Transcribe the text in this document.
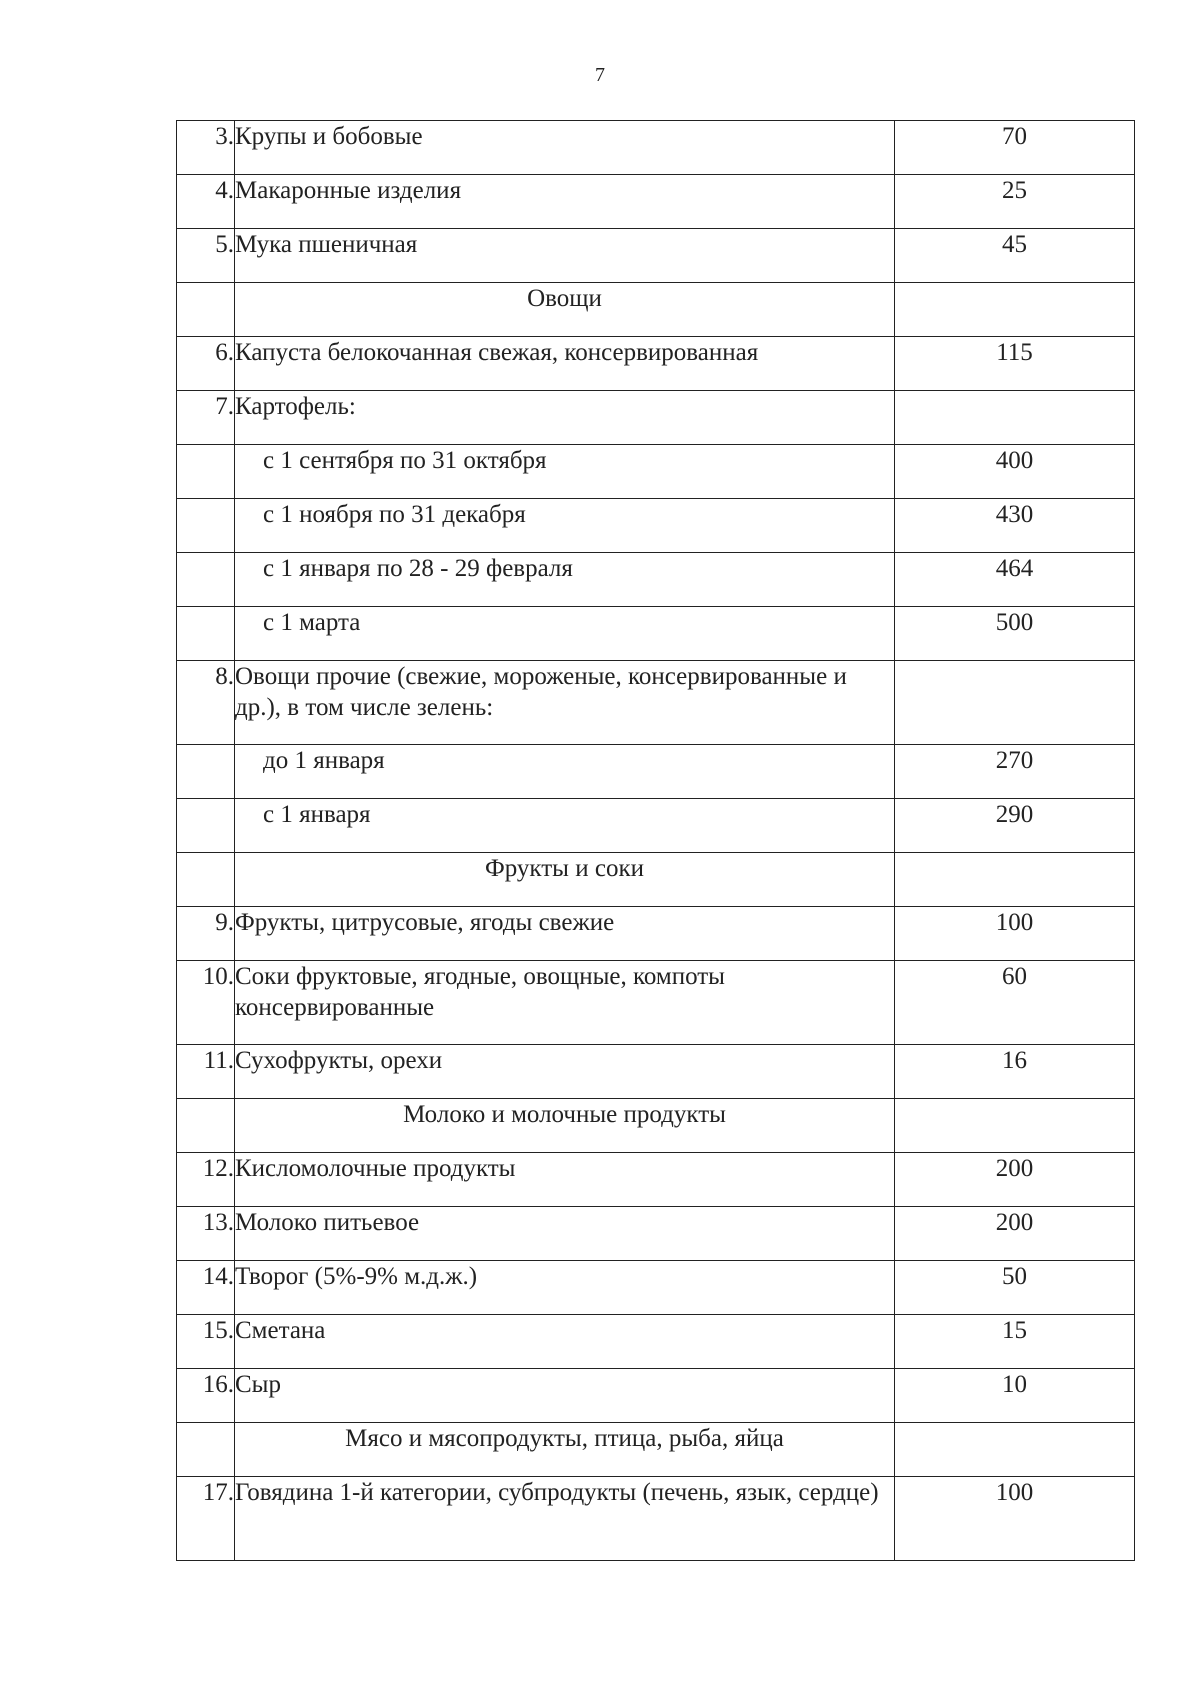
7
3.	Крупы и бобовые	70
4.	Макаронные изделия	25
5.	Мука пшеничная	45
	Овощи	
6.	Капуста белокочанная свежая, консервированная	115
7.	Картофель:	
	с 1 сентября по 31 октября	400
	с 1 ноября по 31 декабря	430
	с 1 января по 28 - 29 февраля	464
	с 1 марта	500
8.	Овощи прочие (свежие, мороженые, консервированные и др.), в том числе зелень:	
	до 1 января	270
	с 1 января	290
	Фрукты и соки	
9.	Фрукты, цитрусовые, ягоды свежие	100
10.	Соки фруктовые, ягодные, овощные, компоты консервированные	60
11.	Сухофрукты, орехи	16
	Молоко и молочные продукты	
12.	Кисломолочные продукты	200
13.	Молоко питьевое	200
14.	Творог (5%-9% м.д.ж.)	50
15.	Сметана	15
16.	Сыр	10
	Мясо и мясопродукты, птица, рыба, яйца	
17.	Говядина 1-й категории, субпродукты (печень, язык, сердце)	100
